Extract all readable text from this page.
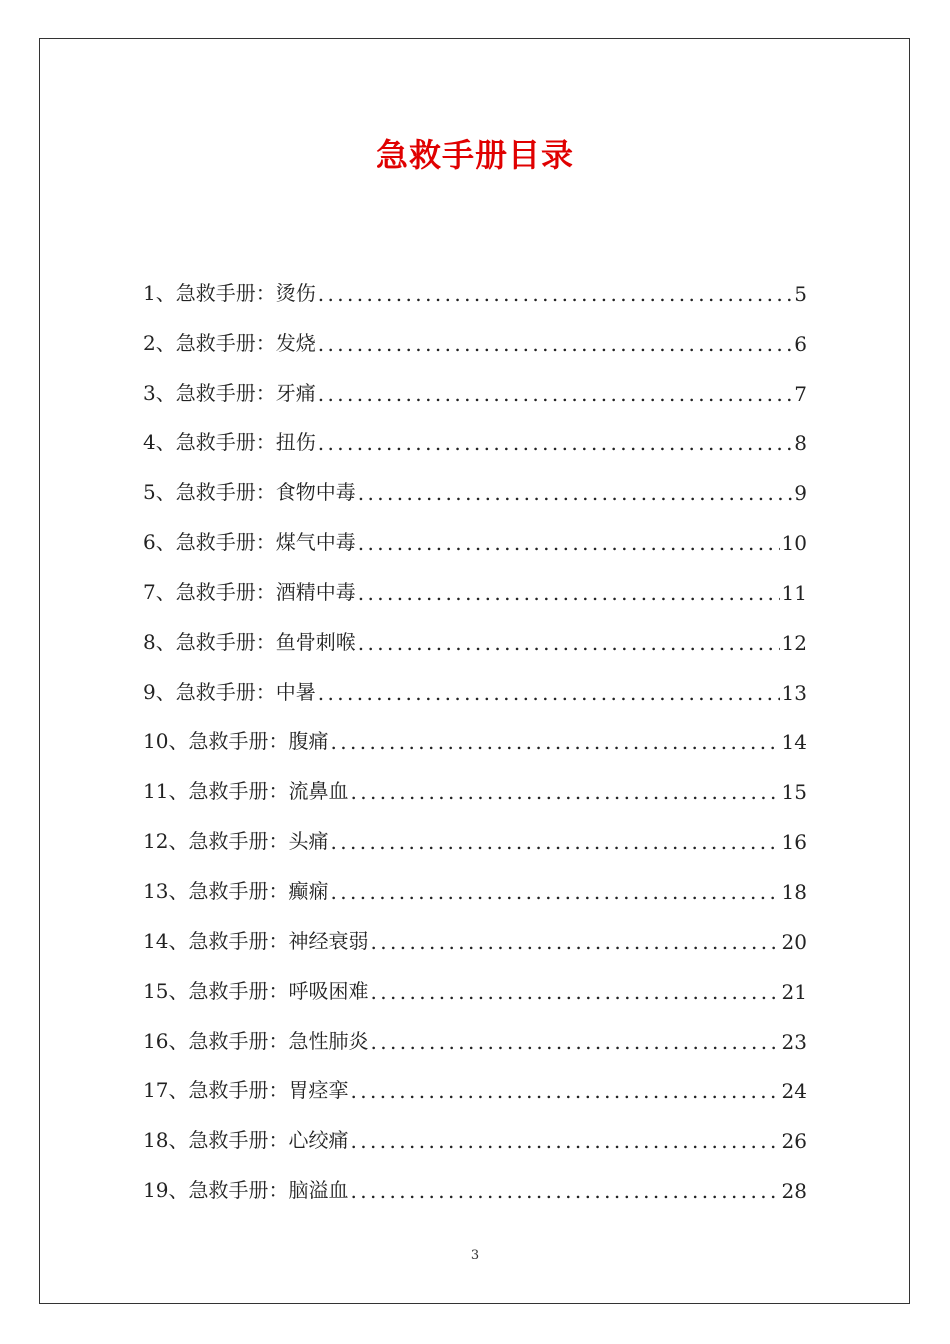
急救手册目录
1、急救手册：烫伤 .....	5
2、急救手册：发烧 .....	6
3、急救手册：牙痛 .....	7
4、急救手册：扭伤 .....	8
5、急救手册：食物中毒 .....	9
6、急救手册：煤气中毒 .....	10
7、急救手册：酒精中毒 .....	11
8、急救手册：鱼骨刺喉 .....	12
9、急救手册：中暑 .....	13
10、急救手册：腹痛 .....	14
11、急救手册：流鼻血 .....	15
12、急救手册：头痛 .....	16
13、急救手册：癫痫 .....	18
14、急救手册：神经衰弱 .....	20
15、急救手册：呼吸困难 .....	21
16、急救手册：急性肺炎 .....	23
17、急救手册：胃痉挛 .....	24
18、急救手册：心绞痛 .....	26
19、急救手册：脑溢血 .....	28
3
